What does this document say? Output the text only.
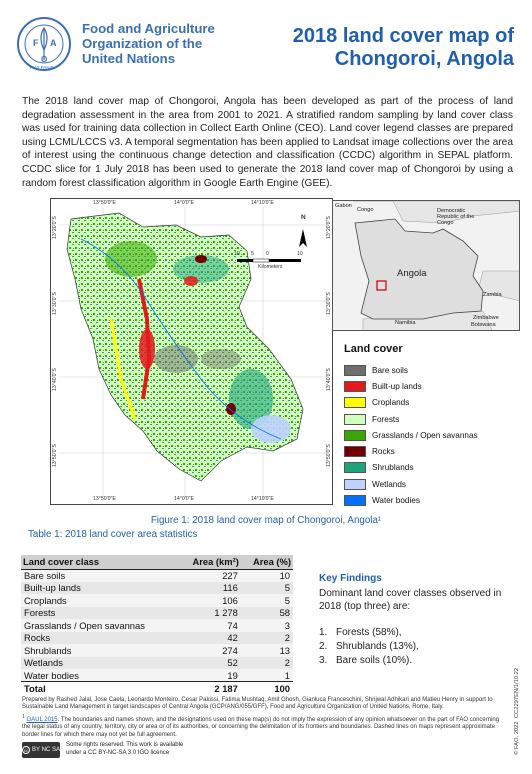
F A
O
FIAT PANIS
Food and Agriculture
Organization of the
United Nations
2018 land cover map of
Chongoroi, Angola

The 2018 land cover map of Chongoroi, Angola has been developed as part of the process of land degradation assessment in the area from 2001 to 2021. A stratified random sampling by land cover class was used for training data collection in Collect Earth Online (CEO). Land cover legend classes are prepared using LCML/LCCS v3. A temporal segmentation has been applied to Landsat image collections over the area of interest using the continuous change detection and classification (CCDC) algorithm in SEPAL platform. CCDC slice for 1 July 2018 has been used to generate the 2018 land cover map of Chongoroi by using a random forest classification algorithm in Google Earth Engine (GEE).

N
10 5 0	10
Kilometers
13°50'0"E	14°0'0"E	14°10'0"E
13°50'0"E	14°0'0"E	14°10'0"E
13°20'0"S
13°30'0"S
13°40'0"S
13°50'0"S
13°20'0"S
13°30'0"S
13°40'0"S
13°50'0"S
Gabon
Congo	Democratic Republic of the Congo
Angola
Zambia
Namibia
Zimbabwe
Botswana
Land cover
Bare soils
Built-up lands
Croplands
Forests
Grasslands / Open savannas
Rocks
Shrublands
Wetlands
Water bodies
Figure 1: 2018 land cover map of Chongoroi, Angola¹
Table 1: 2018 land cover area statistics
Land cover class	Area (km²)	Area (%)
Bare soils	227	10
Built-up lands	116	5
Croplands	106	5
Forests	1 278	58
Grasslands / Open savannas	74	3
Rocks	42	2
Shrublands	274	13
Wetlands	52	2
Water bodies	19	1
Total	2 187	100
Key Findings
Dominant land cover classes observed in 2018 (top three) are:
1. Forests (58%),
2. Shrublands (13%),
3. Bare soils (10%).

Prepared by Rashed Jalal, Jose Caela, Leonardo Monteiro, Cesar Pakissi, Fatima Mushtaq, Amit Ghosh, Gianluca Franceschini, Shrijwal Adhikari and Matieu Henry in support to Sustainable Land Management in target landscapes of Central Angola (GCP/ANG/055/GFF), Food and Agriculture Organization of United Nations, Rome, Italy.

$^1$ GAUL 2015. The boundaries and names shown, and the designations used on these map(s) do not imply the expression of any opinion whatsoever on the part of FAO concerning the legal status of any country, territory, city or area or of its authorities, or concerning the delimitation of its frontiers and boundaries. Dashed lines on maps represent approximate border lines for which there may not yet be full agreement.

cc BY NC SA
Some rights reserved. This work is available
under a CC BY-NC-SA 3.0 IGO licence	© FAO, 2022  CC2297EN/1/10.22
